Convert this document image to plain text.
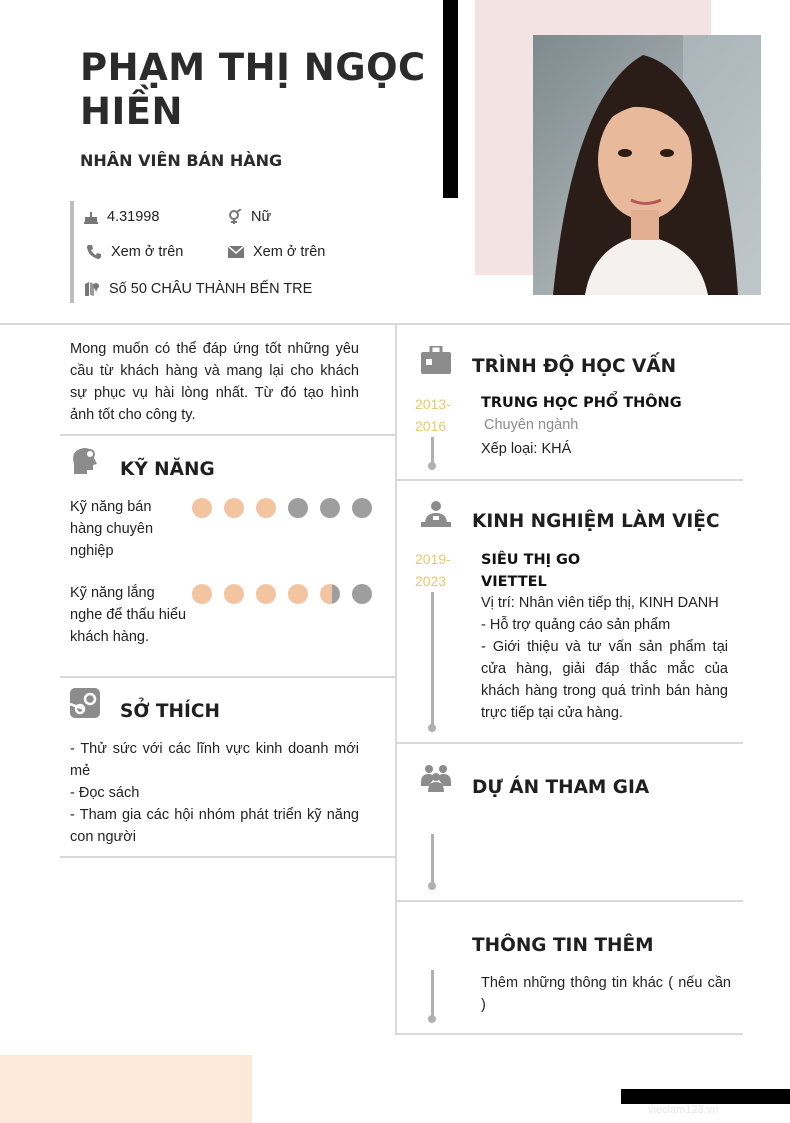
PHẠM THỊ NGỌC HIỀN
NHÂN VIÊN BÁN HÀNG
4.31998	Nữ
Xem ở trên	Xem ở trên
Số 50 CHÂU THÀNH BẾN TRE
Mong muốn có thể đáp ứng tốt những yêu cầu từ khách hàng và mang lại cho khách sự phục vụ hài lòng nhất. Từ đó tạo hình ảnh tốt cho công ty.
KỸ NĂNG
Kỹ năng bán hàng chuyên nghiệp
Kỹ năng lắng nghe để thấu hiểu khách hàng.
SỞ THÍCH
- Thử sức với các lĩnh vực kinh doanh mới mẻ
- Đọc sách
- Tham gia các hội nhóm phát triển kỹ năng con người
TRÌNH ĐỘ HỌC VẤN
2013-
2016
TRUNG HỌC PHỔ THÔNG
Chuyên ngành
Xếp loại: KHÁ
KINH NGHIỆM LÀM VIỆC
2019-
2023
SIÊU THỊ GO
VIETTEL
Vị trí: Nhân viên tiếp thị, KINH DANH
- Hỗ trợ quảng cáo sản phẩm
- Giới thiệu và tư vấn sản phẩm tại cửa hàng, giải đáp thắc mắc của khách hàng trong quá trình bán hàng trực tiếp tại cửa hàng.
DỰ ÁN THAM GIA
THÔNG TIN THÊM
Thêm những thông tin khác ( nếu cần )
vieclam123.vn
